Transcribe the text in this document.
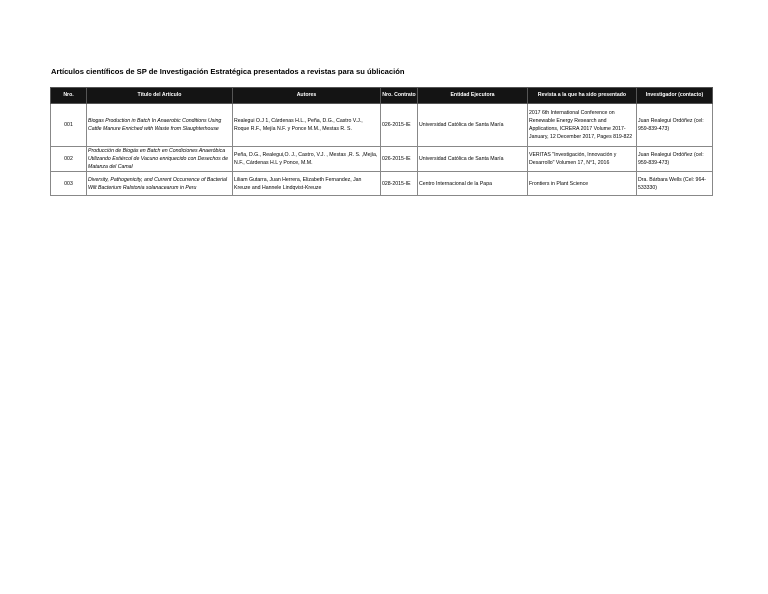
Artículos científicos de SP de Investigación Estratégica presentados a revistas para su úblicación
Nro.	Título del Artículo	Autores	Nro. Contrato	Entidad Ejecutora	Revista a la que ha sido presentado	Investigador (contacto)
001	Biogas Production in Batch In Anaerobic Conditions Using Cattle Manure Enriched with Waste from Slaughterhouse	Realegui O.J 1, Cárdenas H.L., Peña, D.G., Castro V.J., Roque R.F., Mejía N.F. y Ponce M.M., Mestas R. S.	026-2015-IE	Universidad Católica de Santa María	2017 6th International Conference on Renewable Energy Research and Applications, ICRERA 2017 Volume 2017-January, 12 December 2017, Pages 819-822	Juan Realegui Ordóñez (cel: 959-839-473)
002	Producción de Biogás en Batch en Condiciones Anaeróbica Utilizando Estiércol de Vacuno enriquecido con Desechos de Matanza del Camal	Peña, D.G., Realegui,O. J., Castro, V.J. , Mestas ,R. S. ,Mejía, N.F., Cárdenas H.L y Ponce, M.M.	026-2015-IE	Universidad Católica de Santa María	VERITAS "Investigación, Innovación y Desarrollo" Volumen 17, N°1, 2016	Juan Realegui Ordóñez (cel: 959-839-473)
003	Diversity, Pathogenicity, and Current Occurrence of Bacterial Wilt Bacterium Ralstonia solanacearum in Peru	Liliam Gutarra, Juan Herrera, Elizabeth Fernandez, Jan Kreuze and Hannele Lindqvist-Kreuze	028-2015-IE	Centro Internacional de la Papa	Frontiers in Plant Science	Dra. Bárbara Wells (Cel: 964-533330)
